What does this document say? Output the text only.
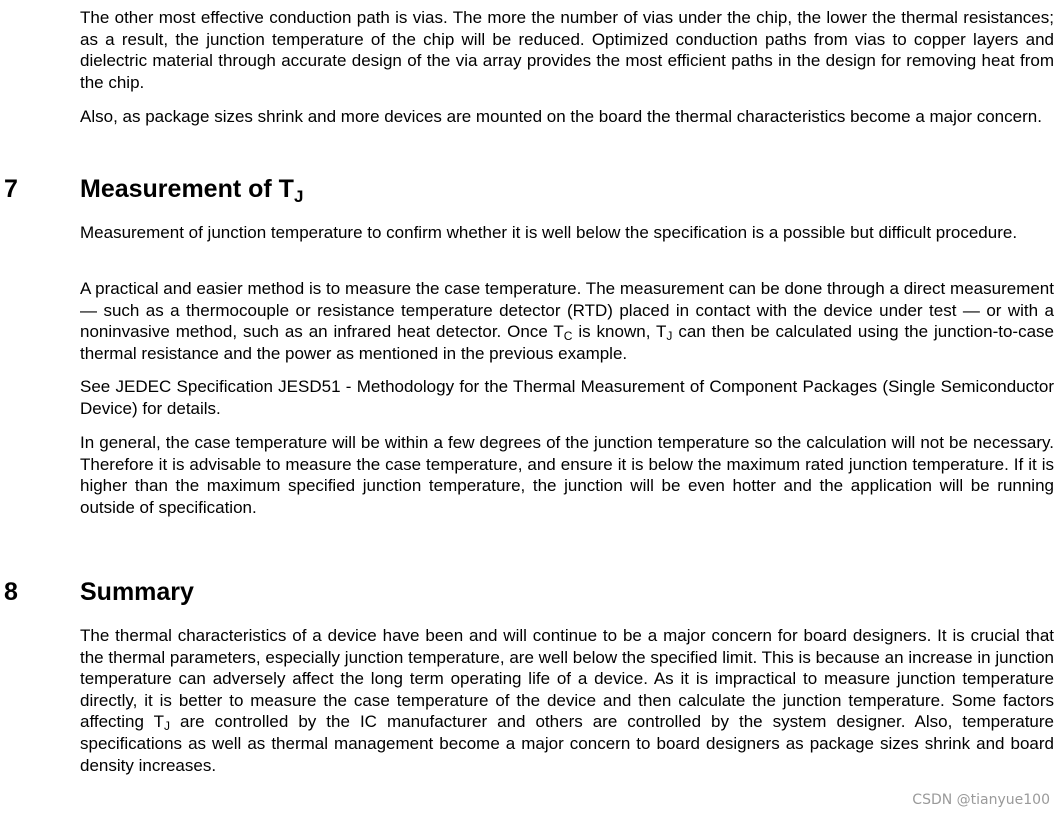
The other most effective conduction path is vias. The more the number of vias under the chip, the lower the thermal resistances; as a result, the junction temperature of the chip will be reduced. Optimized conduction paths from vias to copper layers and dielectric material through accurate design of the via array provides the most efficient paths in the design for removing heat from the chip.

Also, as package sizes shrink and more devices are mounted on the board the thermal characteristics become a major concern.

7 Measurement of $T_J$

Measurement of junction temperature to confirm whether it is well below the specification is a possible but difficult procedure.

A practical and easier method is to measure the case temperature. The measurement can be done through a direct measurement — such as a thermocouple or resistance temperature detector (RTD) placed in contact with the device under test — or with a noninvasive method, such as an infrared heat detector. Once $T_C$ is known, $T_J$ can then be calculated using the junction-to-case thermal resistance and the power as mentioned in the previous example.

See JEDEC Specification JESD51 - Methodology for the Thermal Measurement of Component Packages (Single Semiconductor Device) for details.

In general, the case temperature will be within a few degrees of the junction temperature so the calculation will not be necessary. Therefore it is advisable to measure the case temperature, and ensure it is below the maximum rated junction temperature. If it is higher than the maximum specified junction temperature, the junction will be even hotter and the application will be running outside of specification.

8 Summary

The thermal characteristics of a device have been and will continue to be a major concern for board designers. It is crucial that the thermal parameters, especially junction temperature, are well below the specified limit. This is because an increase in junction temperature can adversely affect the long term operating life of a device. As it is impractical to measure junction temperature directly, it is better to measure the case temperature of the device and then calculate the junction temperature. Some factors affecting $T_J$ are controlled by the IC manufacturer and others are controlled by the system designer. Also, temperature specifications as well as thermal management become a major concern to board designers as package sizes shrink and board density increases.

CSDN @tianyue100
